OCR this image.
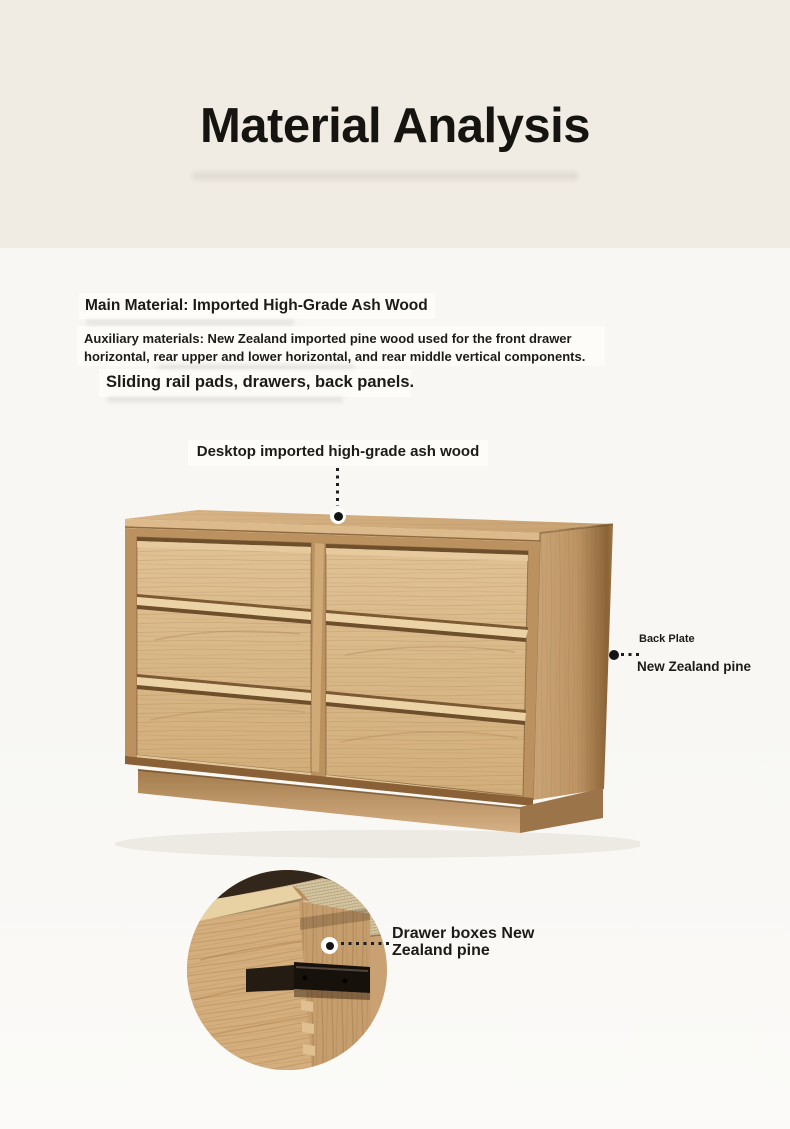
Material Analysis

Main Material: Imported High-Grade Ash Wood

Auxiliary materials: New Zealand imported pine wood used for the front drawer horizontal, rear upper and lower horizontal, and rear middle vertical components.

Sliding rail pads, drawers, back panels.

Desktop imported high-grade ash wood

Back Plate

New Zealand pine

Drawer boxes New Zealand pine
